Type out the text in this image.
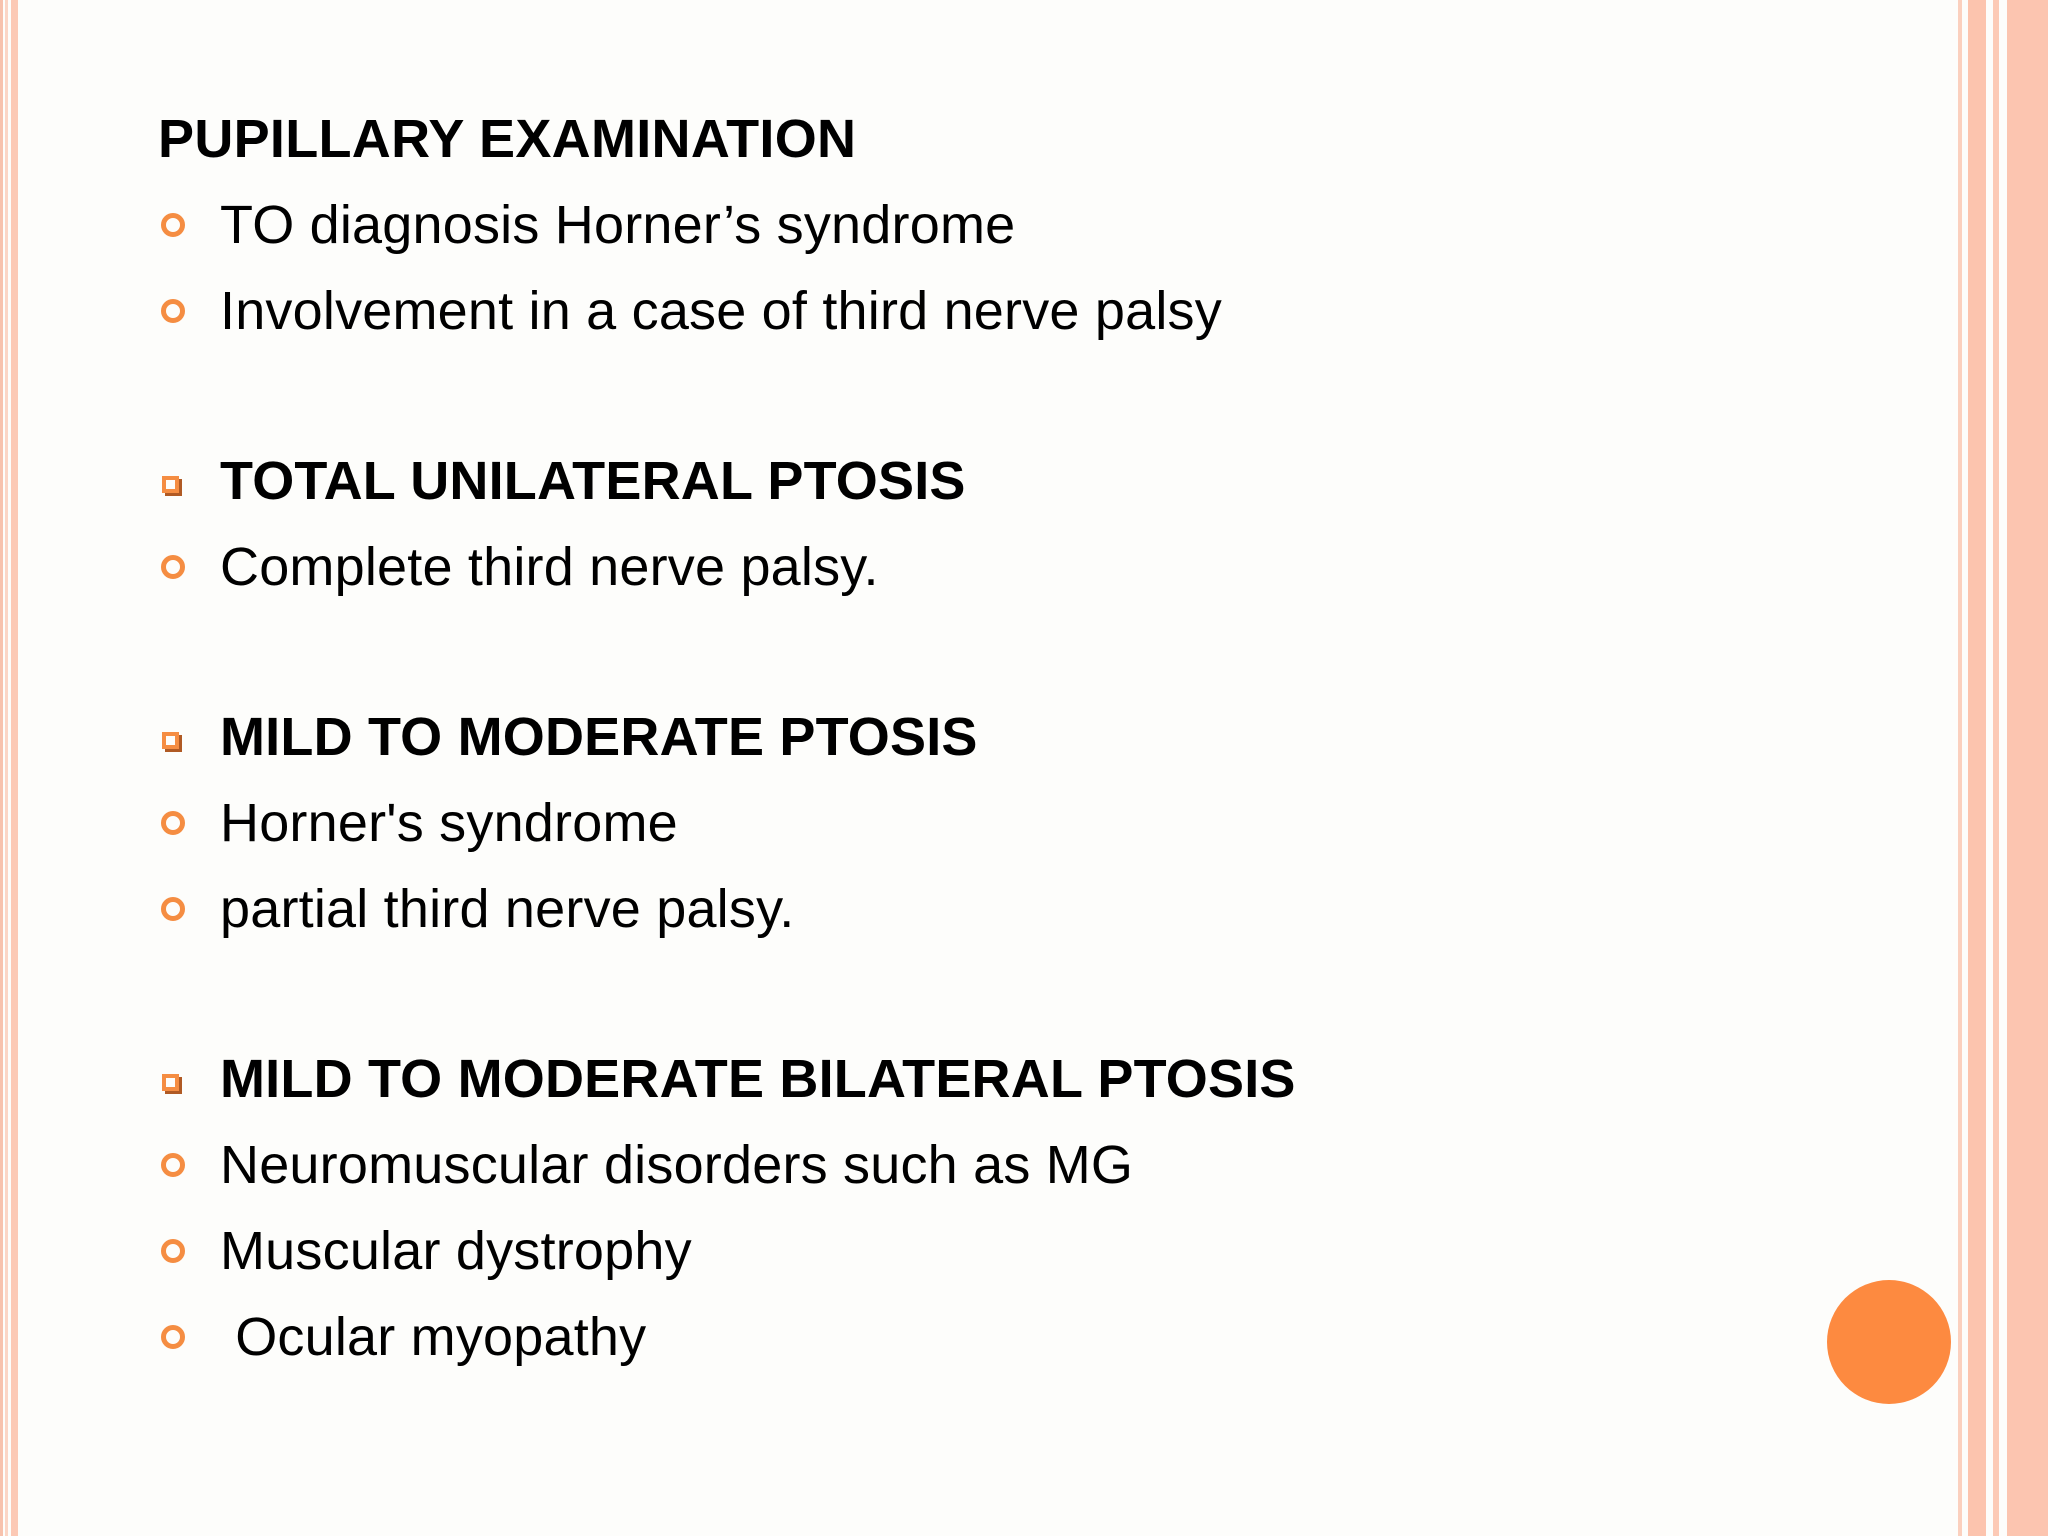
PUPILLARY EXAMINATION
TO diagnosis Horner’s syndrome
Involvement in a case of third nerve palsy
TOTAL UNILATERAL PTOSIS
Complete third nerve palsy.
MILD TO MODERATE PTOSIS
Horner's syndrome
partial third nerve palsy.
MILD TO MODERATE BILATERAL PTOSIS
Neuromuscular disorders such as MG
Muscular dystrophy
Ocular myopathy
